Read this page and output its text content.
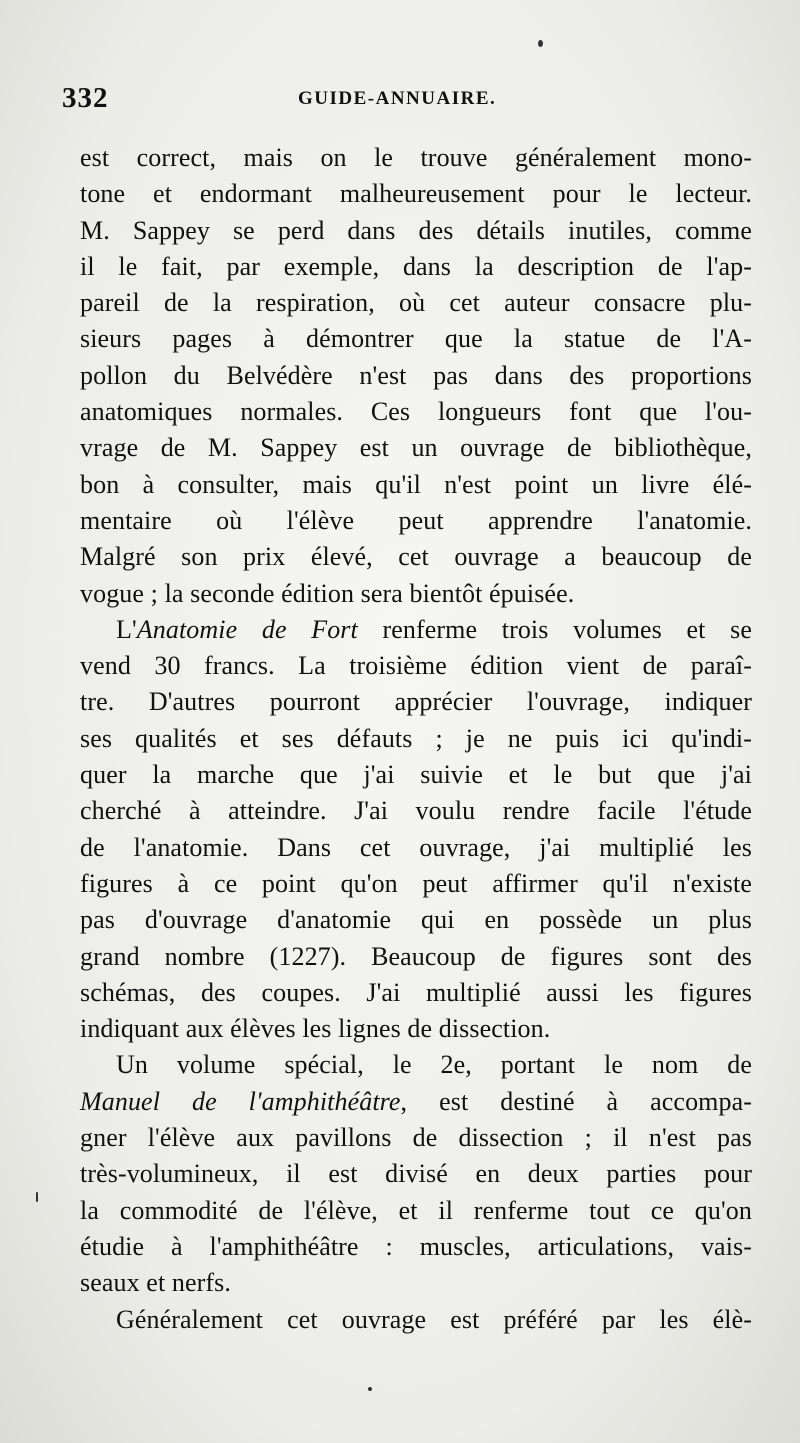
332	GUIDE-ANNUAIRE.
est correct, mais on le trouve généralement mono-
tone et endormant malheureusement pour le lecteur.
M. Sappey se perd dans des détails inutiles, comme
il le fait, par exemple, dans la description de l'ap-
pareil de la respiration, où cet auteur consacre plu-
sieurs pages à démontrer que la statue de l'A-
pollon du Belvédère n'est pas dans des proportions
anatomiques normales. Ces longueurs font que l'ou-
vrage de M. Sappey est un ouvrage de bibliothèque,
bon à consulter, mais qu'il n'est point un livre élé-
mentaire où l'élève peut apprendre l'anatomie.
Malgré son prix élevé, cet ouvrage a beaucoup de
vogue ; la seconde édition sera bientôt épuisée.
L'Anatomie de Fort renferme trois volumes et se
vend 30 francs. La troisième édition vient de paraî-
tre. D'autres pourront apprécier l'ouvrage, indiquer
ses qualités et ses défauts ; je ne puis ici qu'indi-
quer la marche que j'ai suivie et le but que j'ai
cherché à atteindre. J'ai voulu rendre facile l'étude
de l'anatomie. Dans cet ouvrage, j'ai multiplié les
figures à ce point qu'on peut affirmer qu'il n'existe
pas d'ouvrage d'anatomie qui en possède un plus
grand nombre (1227). Beaucoup de figures sont des
schémas, des coupes. J'ai multiplié aussi les figures
indiquant aux élèves les lignes de dissection.
Un volume spécial, le 2e, portant le nom de
Manuel de l'amphithéâtre, est destiné à accompa-
gner l'élève aux pavillons de dissection ; il n'est pas
très-volumineux, il est divisé en deux parties pour
la commodité de l'élève, et il renferme tout ce qu'on
étudie à l'amphithéâtre : muscles, articulations, vais-
seaux et nerfs.
Généralement cet ouvrage est préféré par les élè-
